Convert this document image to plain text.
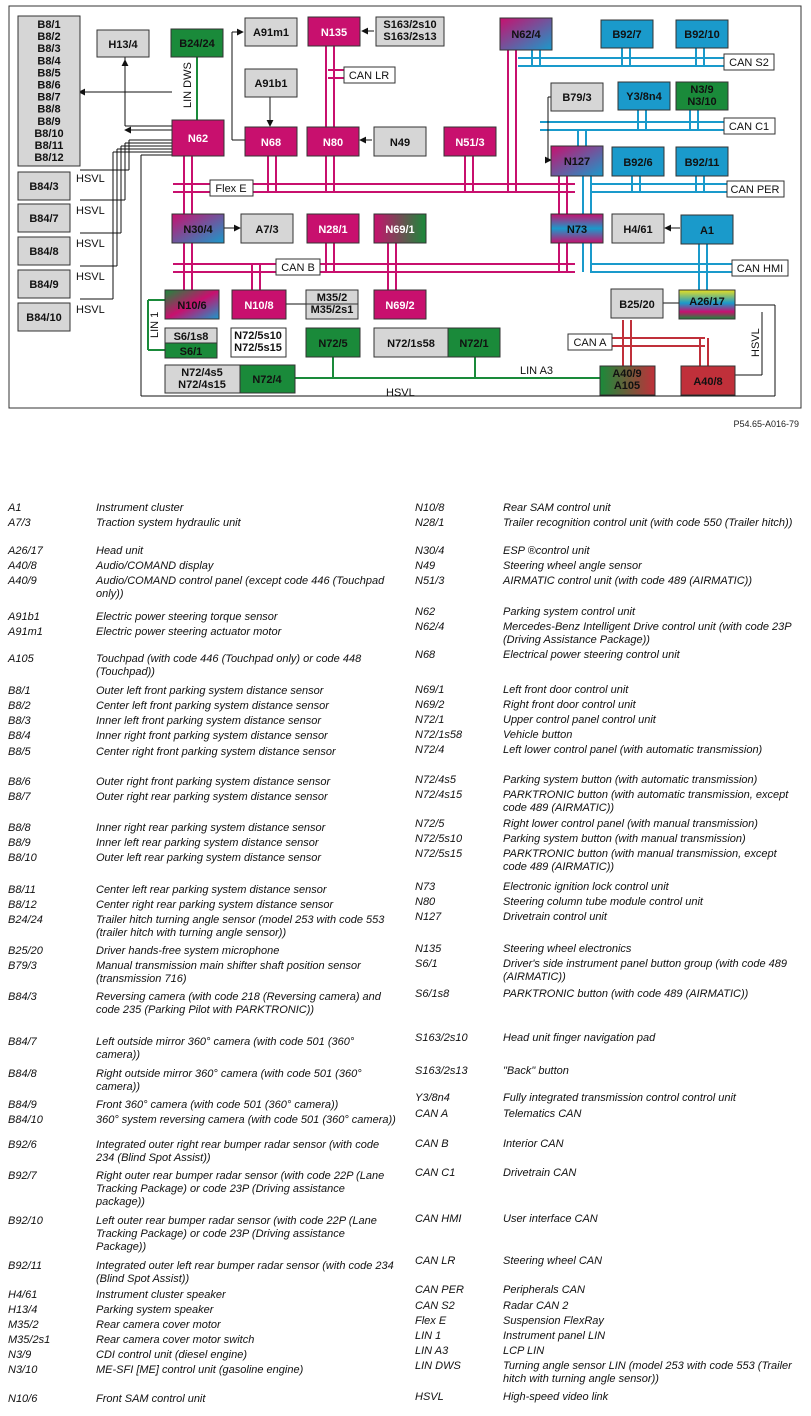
B8/1 B8/2 B8/3 B8/4 B8/5 B8/6 B8/7 B8/8 B8/9 B8/10 B8/11 B8/12
H13/4	B24/24
A91m1	N135
S163/2s10 S163/2s13	N62/4	B92/7	B92/10
A91b1
B79/3	Y3/8n4
N3/9 N3/10
N62	N68	N80	N49	N51/3
N127	B92/6	B92/11
B84/3
B84/7
B84/8
B84/9
B84/10
N30/4	A7/3	N28/1	N69/1	N73	H4/61	A1
N10/6	N10/8
M35/2 M35/2s1	N69/2	B25/20	A26/17
S6/1s8
S6/1
N72/5s10 N72/5s15	N72/5	N72/1s58 N72/1
N72/4s5 N72/4s15 N72/4	A40/9 A105	A40/8
CAN S2
CAN LR
CAN C1
Flex E	CAN PER
CAN B	CAN HMI
CAN A
LIN DWS
LIN 1
LIN A3
HSVL
HSVL
HSVL
HSVL
HSVL
HSVL
HSVL
P54.65-A016-79
A1	Instrument cluster
A7/3	Traction system hydraulic unit
A26/17	Head unit
A40/8	Audio/COMAND display
A40/9	Audio/COMAND control panel (except code 446 (Touchpad only))
A91b1	Electric power steering torque sensor
A91m1	Electric power steering actuator motor
A105	Touchpad (with code 446 (Touchpad only) or code 448 (Touchpad))
B8/1	Outer left front parking system distance sensor
B8/2	Center left front parking system distance sensor
B8/3	Inner left front parking system distance sensor
B8/4	Inner right front parking system distance sensor
B8/5	Center right front parking system distance sensor
B8/6	Outer right front parking system distance sensor
B8/7	Outer right rear parking system distance sensor
B8/8	Inner right rear parking system distance sensor
B8/9	Inner left rear parking system distance sensor
B8/10	Outer left rear parking system distance sensor
B8/11	Center left rear parking system distance sensor
B8/12	Center right rear parking system distance sensor
B24/24	Trailer hitch turning angle sensor (model 253 with code 553 (trailer hitch with turning angle sensor))
B25/20	Driver hands-free system microphone
B79/3	Manual transmission main shifter shaft position sensor (transmission 716)
B84/3	Reversing camera (with code 218 (Reversing camera) and code 235 (Parking Pilot with PARKTRONIC))
B84/7	Left outside mirror 360° camera (with code 501 (360° camera))
B84/8	Right outside mirror 360° camera (with code 501 (360° camera))
B84/9	Front 360° camera (with code 501 (360° camera))
B84/10	360° system reversing camera (with code 501 (360° camera))
B92/6	Integrated outer right rear bumper radar sensor (with code 234 (Blind Spot Assist))
B92/7	Right outer rear bumper radar sensor (with code 22P (Lane Tracking Package) or code 23P (Driving assistance package))
B92/10	Left outer rear bumper radar sensor (with code 22P (Lane Tracking Package) or code 23P (Driving assistance Package))
B92/11	Integrated outer left rear bumper radar sensor (with code 234 (Blind Spot Assist))
H4/61	Instrument cluster speaker
H13/4	Parking system speaker
M35/2	Rear camera cover motor
M35/2s1	Rear camera cover motor switch
N3/9	CDI control unit (diesel engine)
N3/10	ME-SFI [ME] control unit (gasoline engine)
N10/6	Front SAM control unit
N10/8	Rear SAM control unit
N28/1	Trailer recognition control unit (with code 550 (Trailer hitch))
N30/4	ESP ®control unit
N49	Steering wheel angle sensor
N51/3	AIRMATIC control unit (with code 489 (AIRMATIC))
N62	Parking system control unit
N62/4	Mercedes-Benz Intelligent Drive control unit (with code 23P (Driving Assistance Package))
N68	Electrical power steering control unit
N69/1	Left front door control unit
N69/2	Right front door control unit
N72/1	Upper control panel control unit
N72/1s58	Vehicle button
N72/4	Left lower control panel (with automatic transmission)
N72/4s5	Parking system button (with automatic transmission)
N72/4s15	PARKTRONIC button (with automatic transmission, except code 489 (AIRMATIC))
N72/5	Right lower control panel (with manual transmission)
N72/5s10	Parking system button (with manual transmission)
N72/5s15	PARKTRONIC button (with manual transmission, except code 489 (AIRMATIC))
N73	Electronic ignition lock control unit
N80	Steering column tube module control unit
N127	Drivetrain control unit
N135	Steering wheel electronics
S6/1	Driver's side instrument panel button group (with code 489 (AIRMATIC))
S6/1s8	PARKTRONIC button (with code 489 (AIRMATIC))
S163/2s10	Head unit finger navigation pad
S163/2s13	"Back" button
Y3/8n4	Fully integrated transmission control control unit
CAN A	Telematics CAN
CAN B	Interior CAN
CAN C1	Drivetrain CAN
CAN HMI	User interface CAN
CAN LR	Steering wheel CAN
CAN PER	Peripherals CAN
CAN S2	Radar CAN 2
Flex E	Suspension FlexRay
LIN 1	Instrument panel LIN
LIN A3	LCP LIN
LIN DWS	Turning angle sensor LIN (model 253 with code 553 (Trailer hitch with turning angle sensor))
HSVL	High-speed video link
